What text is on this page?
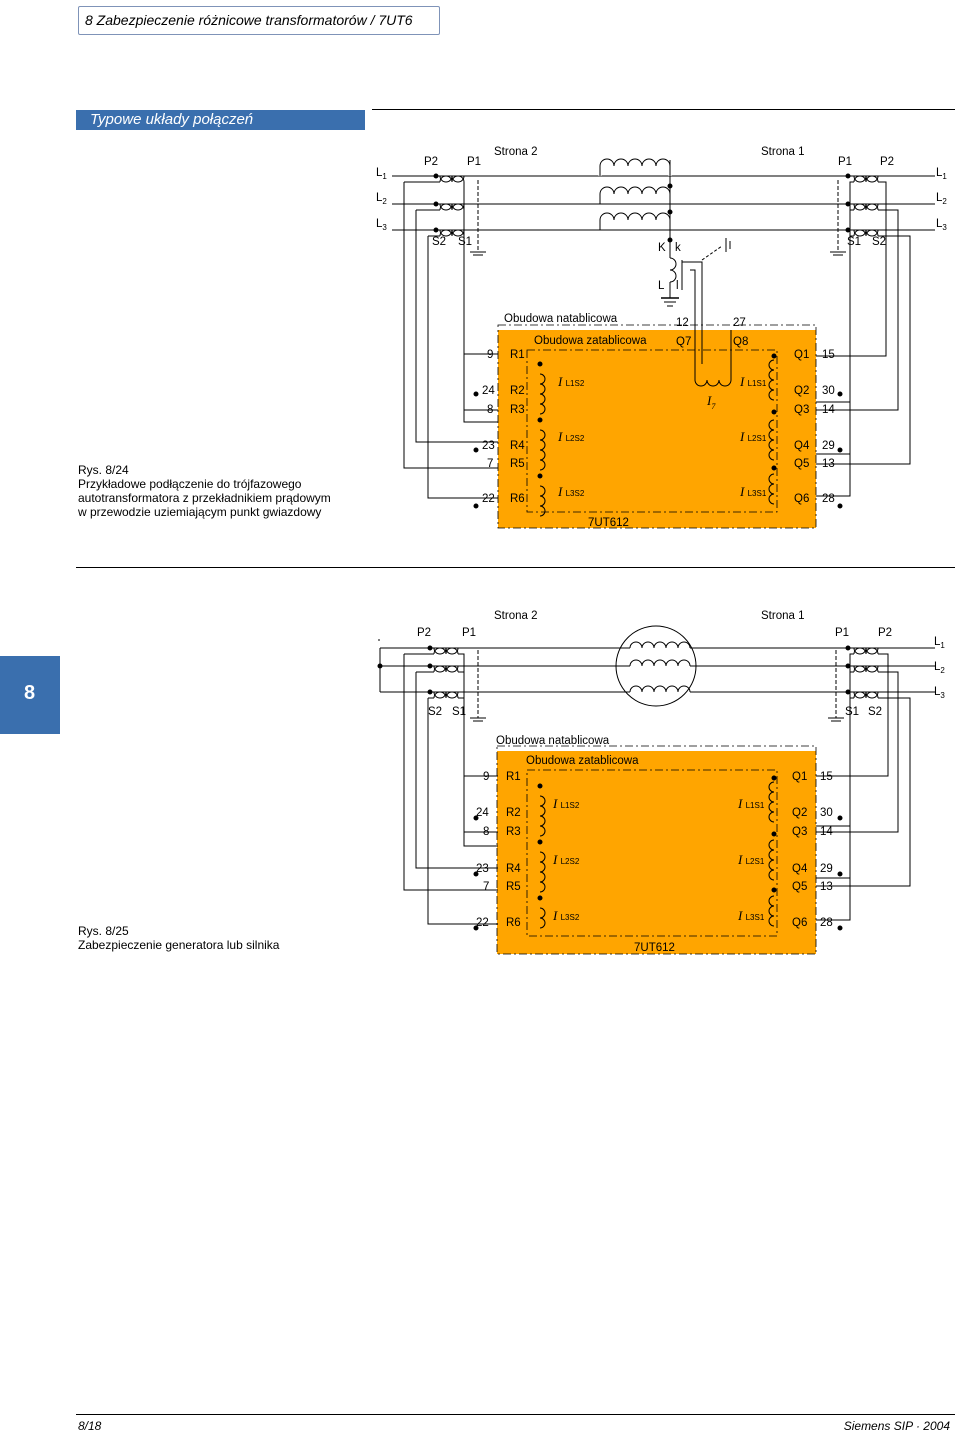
8 Zabezpieczenie różnicowe transformatorów / 7UT6
Typowe układy połączeń
8
Rys. 8/24
Przykładowe podłączenie do trójfazowego
autotransformatora z przekładnikiem prądowym
w przewodzie uziemiającym punkt gwiazdowy
Rys. 8/25
Zabezpieczenie generatora lub silnika
Strona 2	Strona 1
$L_1$
$L_2$
$L_3$
$L_1$
$L_2$
$L_3$
P2	P1
S2 S1
P1 P2
S1 S2
K k
L l
Obudowa natablicowa
Obudowa zatablicowa
12	27
Q7	Q8
$I_7$
9
24
8
23
7
22
R1
R2
R3
R4
R5
R6
I L1S2
I L2S2
I L3S2
I L1S1
I L2S1
I L3S1
Q1
Q2
Q3
Q4
Q5
Q6
15
30
14
29
13
28
7UT612
Strona 2	Strona 1
$L_1$
$L_2$
$L_3$
P2	P1
S2 S1
P1	P2
S1 S2
Obudowa natablicowa
Obudowa zatablicowa
9
24
8
23
7
22
R1
R2
R3
R4
R5
R6
I L1S2
I L2S2
I L3S2
I L1S1
I L2S1
I L3S1
Q1
Q2
Q3
Q4
Q5
Q6
15
30
14
29
13
28
7UT612
8/18	Siemens SIP · 2004
